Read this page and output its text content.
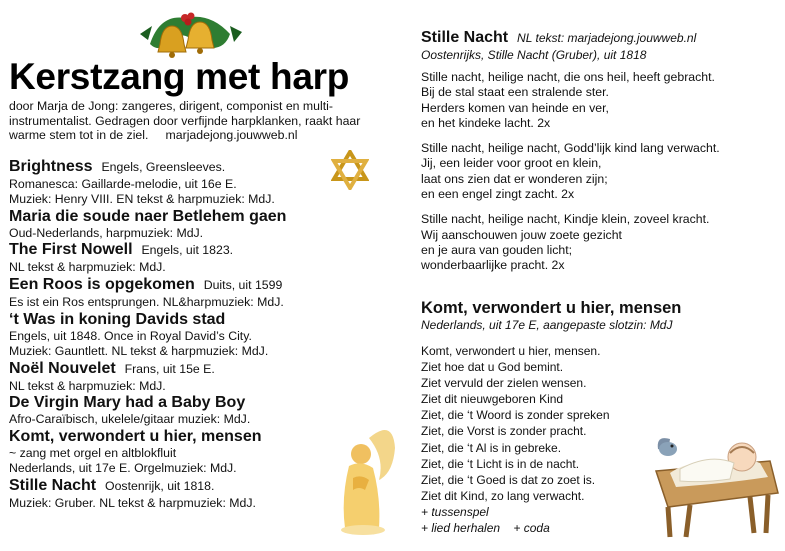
Kerstzang met harp

door Marja de Jong: zangeres, dirigent, componist en multi-instrumentalist. Gedragen door verfijnde harpklanken, raakt haar warme stem tot in de ziel. marjadejong.jouwweb.nl

Brightness Engels, Greensleeves.

Romanesca: Gaillarde-melodie, uit 16e E.

Muziek: Henry VIII. EN tekst & harpmuziek: MdJ.

Maria die soude naer Betlehem gaen

Oud-Nederlands, harpmuziek: MdJ.

The First Nowell Engels, uit 1823.

NL tekst & harpmuziek: MdJ.

Een Roos is opgekomen Duits, uit 1599

Es ist ein Ros entsprungen. NL&harpmuziek: MdJ.

‘t Was in koning Davids stad

Engels, uit 1848. Once in Royal David’s City.

Muziek: Gauntlett. NL tekst & harpmuziek: MdJ.

Noël Nouvelet Frans, uit 15e E.

NL tekst & harpmuziek: MdJ.

De Virgin Mary had a Baby Boy

Afro-Caraïbisch, ukelele/gitaar muziek: MdJ.

Komt, verwondert u hier, mensen

~ zang met orgel en altblokfluit

Nederlands, uit 17e E. Orgelmuziek: MdJ.

Stille Nacht Oostenrijk, uit 1818.

Muziek: Gruber. NL tekst & harpmuziek: MdJ.

Stille Nacht NL tekst: marjadejong.jouwweb.nl

Oostenrijks, Stille Nacht (Gruber), uit 1818

Stille nacht, heilige nacht, die ons heil, heeft gebracht.

Bij de stal staat een stralende ster.

Herders komen van heinde en ver,

en het kindeke lacht. 2x

Stille nacht, heilige nacht, Godd’lijk kind lang verwacht.

Jij, een leider voor groot en klein,

laat ons zien dat er wonderen zijn;

en een engel zingt zacht. 2x

Stille nacht, heilige nacht, Kindje klein, zoveel kracht.

Wij aanschouwen jouw zoete gezicht

en je aura van gouden licht;

wonderbaarlijke pracht. 2x

Komt, verwondert u hier, mensen

Nederlands, uit 17e E, aangepaste slotzin: MdJ

Komt, verwondert u hier, mensen.

Ziet hoe dat u God bemint.

Ziet vervuld der zielen wensen.

Ziet dit nieuwgeboren Kind

Ziet, die ‘t Woord is zonder spreken

Ziet, die Vorst is zonder pracht.

Ziet, die ‘t Al is in gebreke.

Ziet, die ‘t Licht is in de nacht.

Ziet, die ‘t Goed is dat zo zoet is.

Ziet dit Kind, zo lang verwacht.

+ tussenspel

+ lied herhalen    + coda
